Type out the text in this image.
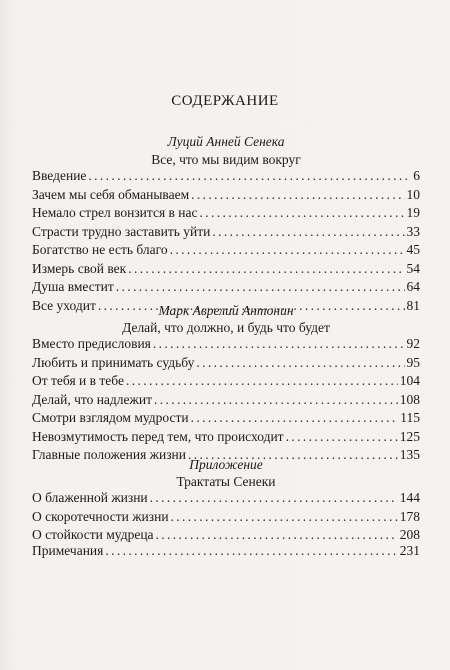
СОДЕРЖАНИЕ
Луций Анней Сенека
Все, что мы видим вокруг
Введение . . .	6
Зачем мы себя обманываем . . .	10
Немало стрел вонзится в нас . . .	19
Страсти трудно заставить уйти . . .	33
Богатство не есть благо . . .	45
Измерь свой век . . .	54
Душа вместит . . .	64
Все уходит . . .	81
Марк Аврелий Антонин
Делай, что должно, и будь что будет
Вместо предисловия . . .	92
Любить и принимать судьбу . . .	95
От тебя и в тебе . . .	104
Делай, что надлежит . . .	108
Смотри взглядом мудрости . . .	115
Невозмутимость перед тем, что происходит . . .	125
Главные положения жизни . . .	135
Приложение
Трактаты Сенеки
О блаженной жизни . . .	144
О скоротечности жизни . . .	178
О стойкости мудреца . . .	208
Примечания . . .	231
